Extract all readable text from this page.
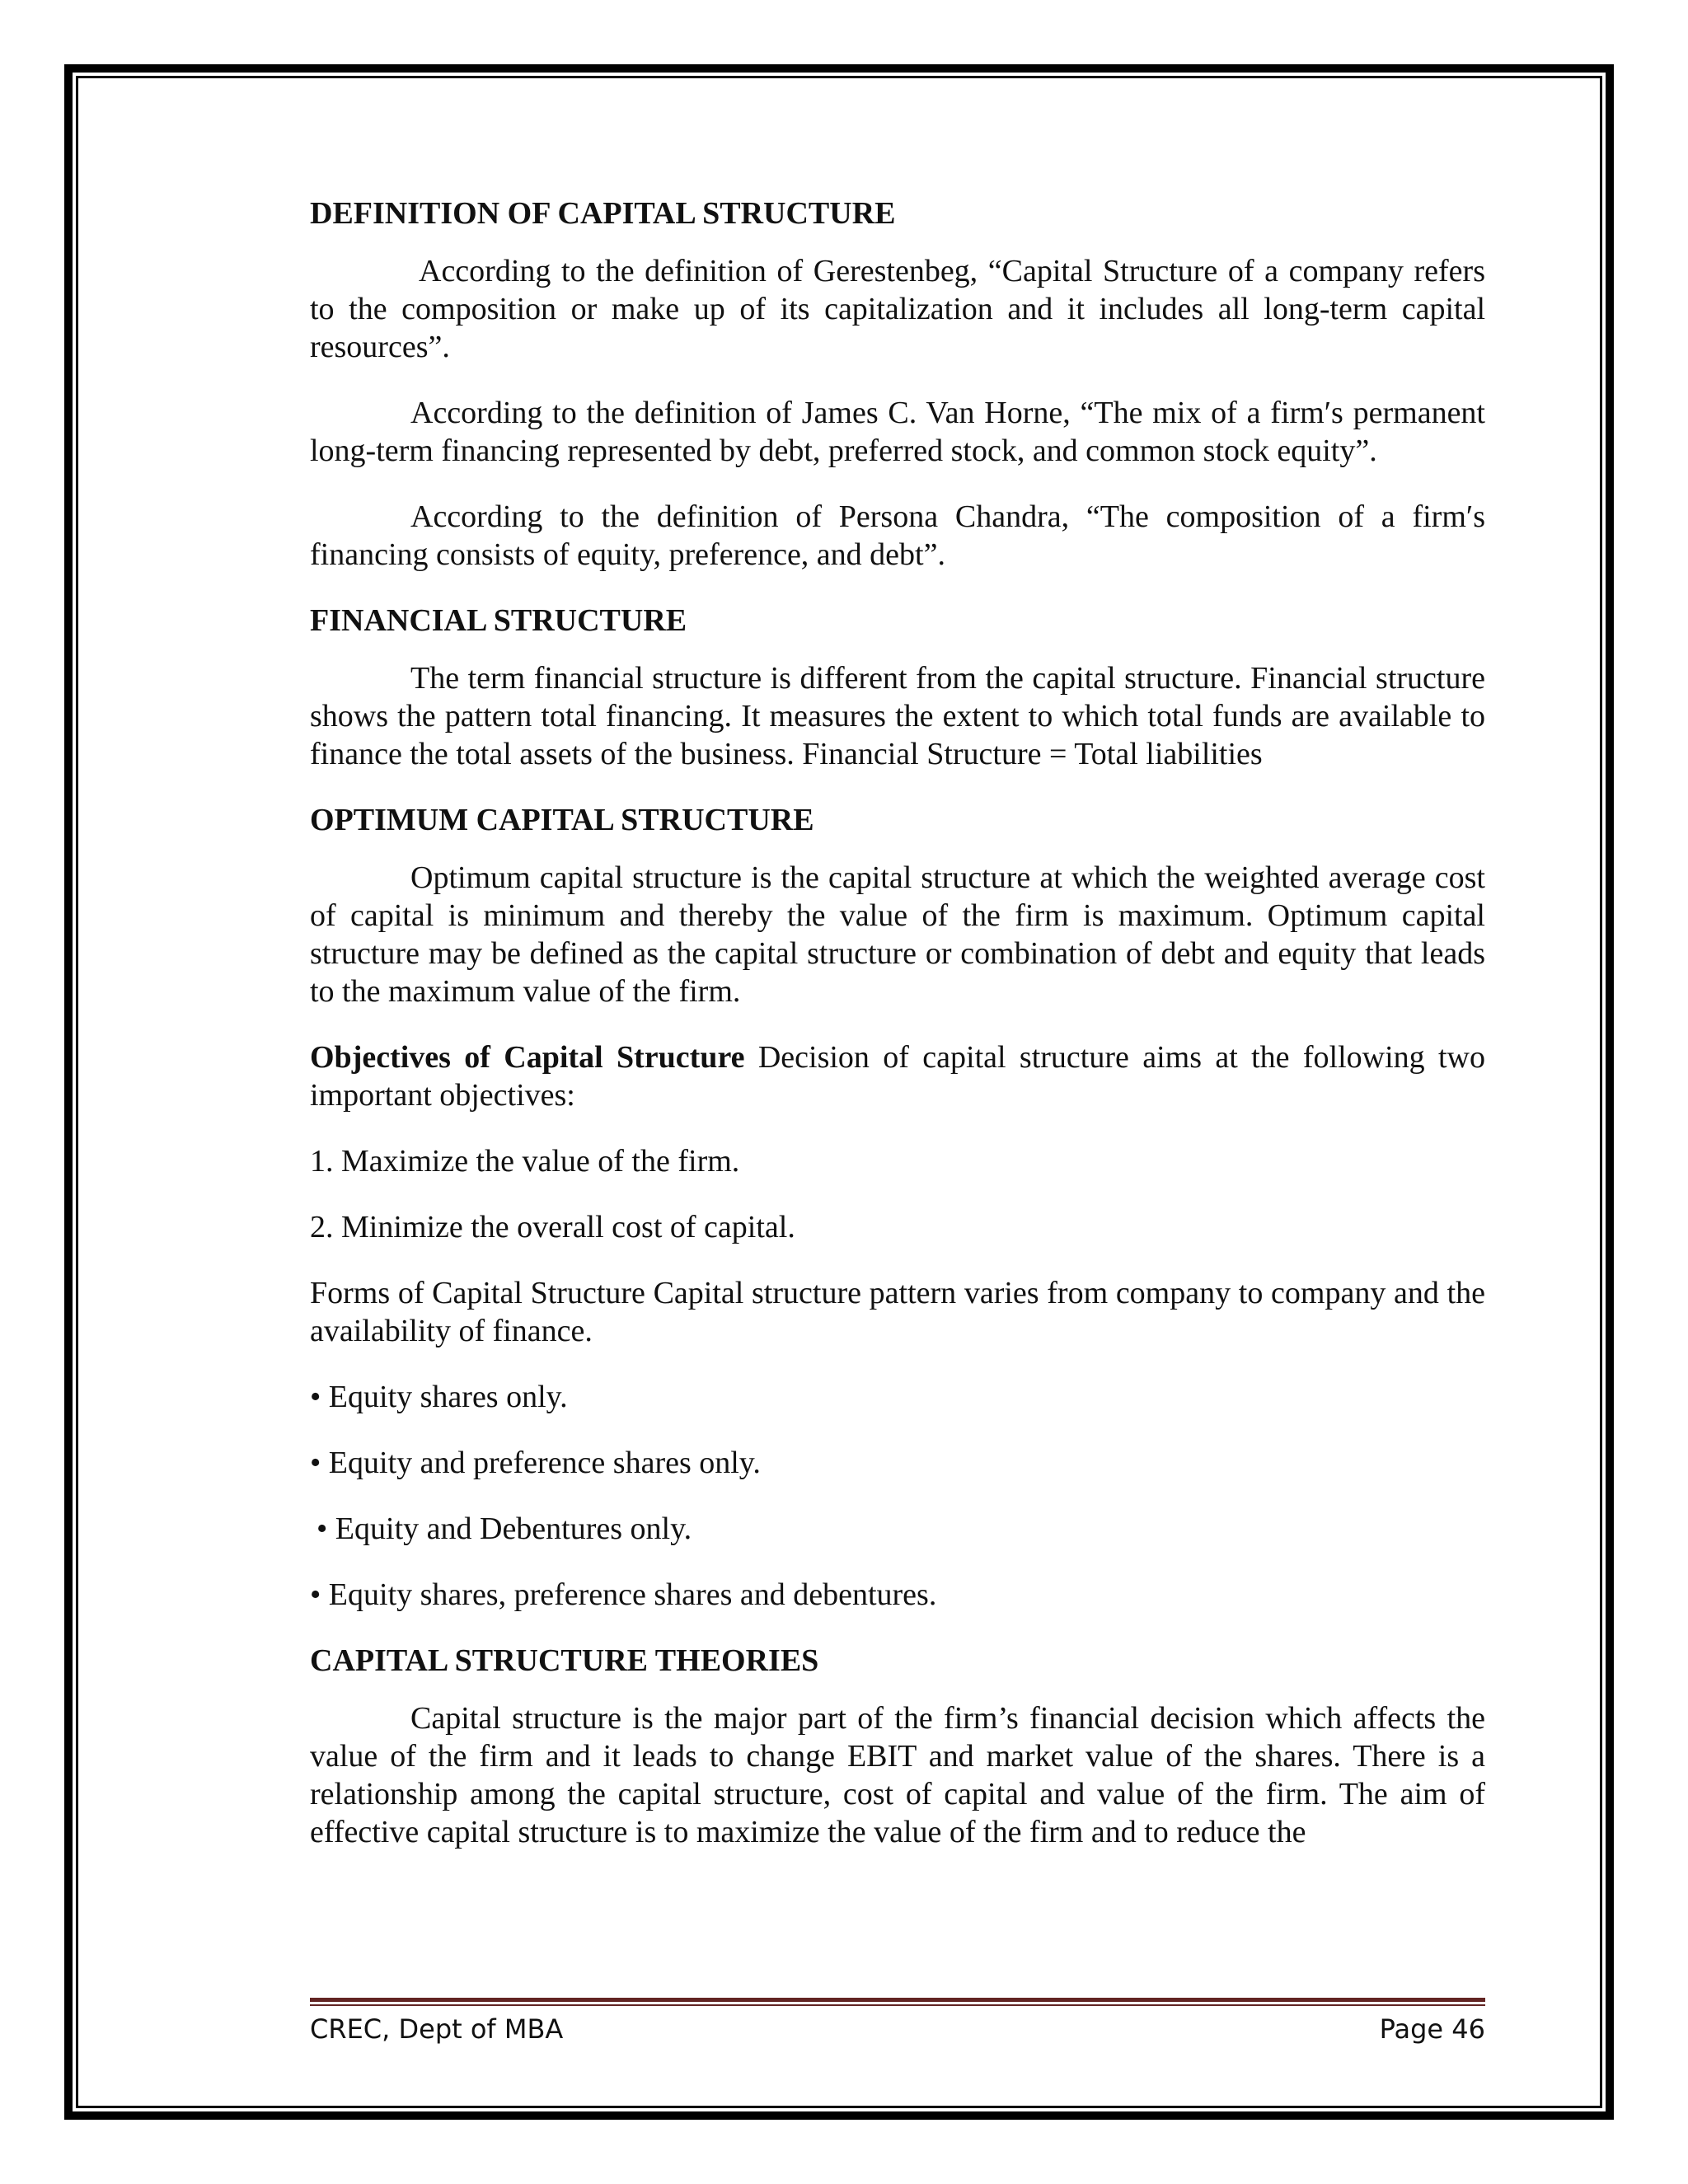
DEFINITION OF CAPITAL STRUCTURE

According to the definition of Gerestenbeg, “Capital Structure of a company refers to the composition or make up of its capitalization and it includes all long-term capital resources”.

According to the definition of James C. Van Horne, “The mix of a firm′s permanent long-term financing represented by debt, preferred stock, and common stock equity”.

According to the definition of Persona Chandra, “The composition of a firm′s financing consists of equity, preference, and debt”.

FINANCIAL STRUCTURE

The term financial structure is different from the capital structure. Financial structure shows the pattern total financing. It measures the extent to which total funds are available to finance the total assets of the business. Financial Structure = Total liabilities

OPTIMUM CAPITAL STRUCTURE

Optimum capital structure is the capital structure at which the weighted average cost of capital is minimum and thereby the value of the firm is maximum. Optimum capital structure may be defined as the capital structure or combination of debt and equity that leads to the maximum value of the firm.

Objectives of Capital Structure Decision of capital structure aims at the following two important objectives:

1. Maximize the value of the firm.
2. Minimize the overall cost of capital.

Forms of Capital Structure Capital structure pattern varies from company to company and the availability of finance.

• Equity shares only.
• Equity and preference shares only.
• Equity and Debentures only.
• Equity shares, preference shares and debentures.
CAPITAL STRUCTURE THEORIES

Capital structure is the major part of the firm’s financial decision which affects the value of the firm and it leads to change EBIT and market value of the shares. There is a relationship among the capital structure, cost of capital and value of the firm. The aim of effective capital structure is to maximize the value of the firm and to reduce the

CREC, Dept of MBA	Page 46
